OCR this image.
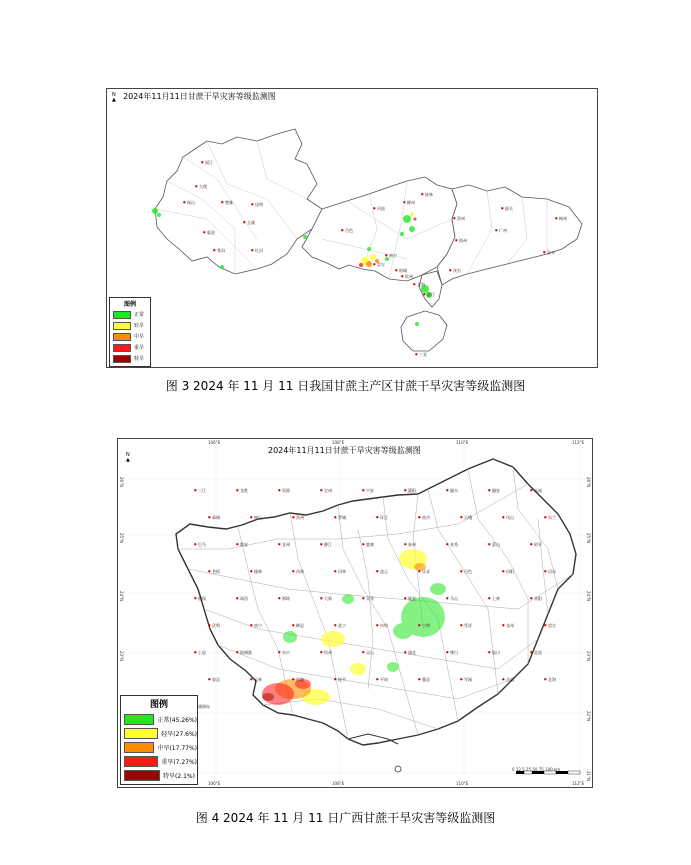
2024年11月11日甘蔗干旱灾害等级监测图
N
▲
● 丽江
● 大理
● 保山	● 楚雄	● 昆明
● 临沧
● 玉溪
● 普洱	● 红河
● 百色
● 河池
● 柳州
● 桂林
● 贺州
● 梧州
● 南宁
● 崇左
● 防城
● 北海
● 钦州
● 湛江
● 茂名
● 广州
● 韶关
● 梅州
● 汕头
● 三亚
图例
正常
轻旱
中旱
重旱
特旱
图 3 2024 年 11 月 11 日我国甘蔗主产区甘蔗干旱灾害等级监测图
2024年11月11日甘蔗干旱灾害等级监测图
N
▲
● 三江	● 龙胜	● 资源	● 全州	● 兴安	● 灌阳	● 融水	● 融安	● 永福
● 恭城	● 钟山	● 贺州	● 罗城	● 环江	● 南丹	● 天峨	● 凤山	● 东兰
● 巴马	● 都安	● 宜州	● 柳江	● 鹿寨	● 象州	● 金秀	● 蒙山	● 昭平
● 苍梧	● 隆林	● 西林	● 田林	● 凌云	● 乐业	● 百色	● 田阳	● 田东
● 德保	● 靖西	● 那坡	● 大新	● 天等	● 隆安	● 马山	● 上林	● 宾阳
● 武鸣	● 南宁	● 横县	● 邕宁	● 扶绥	● 宁明	● 凭祥	● 龙州	● 崇左
● 上思	● 防城港	● 东兴	● 钦州	● 灵山	● 浦北	● 博白	● 陆川	● 北流
● 容县	● 玉林	● 贵港	● 桂平	● 平南	● 藤县	● 岑溪	● 合浦	● 北海
● 涠洲岛
0 12.5 25 50 75 100 km
106°E
106°E
108°E
108°E
110°E
110°E
112°E
112°E
26°N	26°N
25°N	25°N
24°N	24°N
23°N	23°N
22°N
21°N
图例
正常(45.26%)
轻旱(27.6%)
中旱(17.77%)
重旱(7.27%)
特旱(2.1%)
图 4 2024 年 11 月 11 日广西甘蔗干旱灾害等级监测图
